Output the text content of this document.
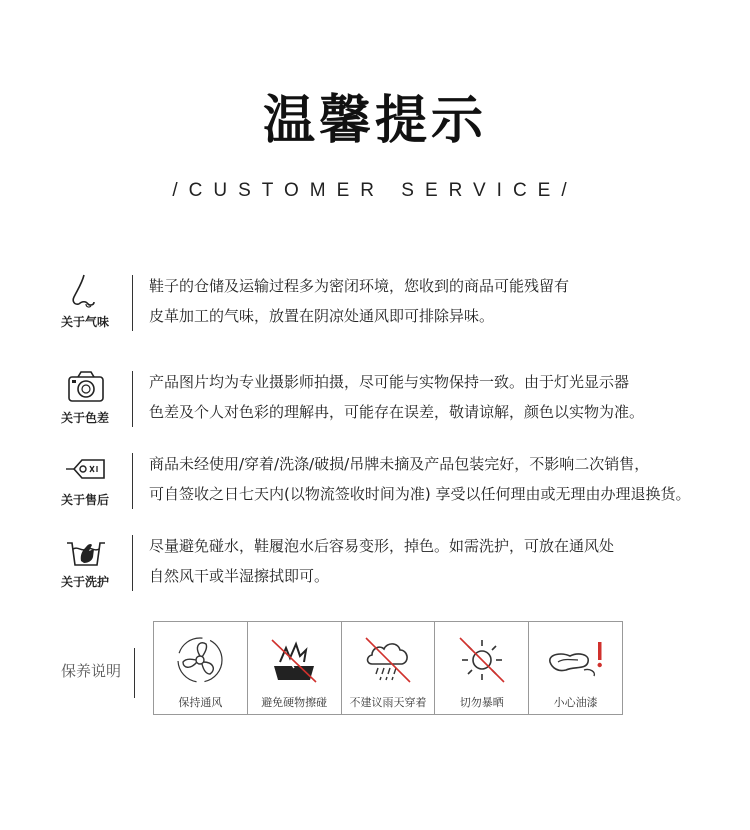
温馨提示
/CUSTOMER SERVICE/
关于气味
鞋子的仓储及运输过程多为密闭环境，您收到的商品可能残留有
皮革加工的气味，放置在阴凉处通风即可排除异味。
关于色差
产品图片均为专业摄影师拍摄，尽可能与实物保持一致。由于灯光显示器
色差及个人对色彩的理解冉，可能存在误差，敬请谅解，颜色以实物为准。
关于售后
商品未经使用/穿着/洗涤/破损/吊牌未摘及产品包装完好，不影响二次销售，
可自签收之日七天内(以物流签收时间为准) 享受以任何理由或无理由办理退换货。
关于洗护
尽量避免碰水，鞋履泡水后容易变形，掉色。如需洗护，可放在通风处
自然风干或半湿擦拭即可。
保养说明
保持通风	避免硬物擦碰	不建议雨天穿着	切勿暴晒	小心油漆
